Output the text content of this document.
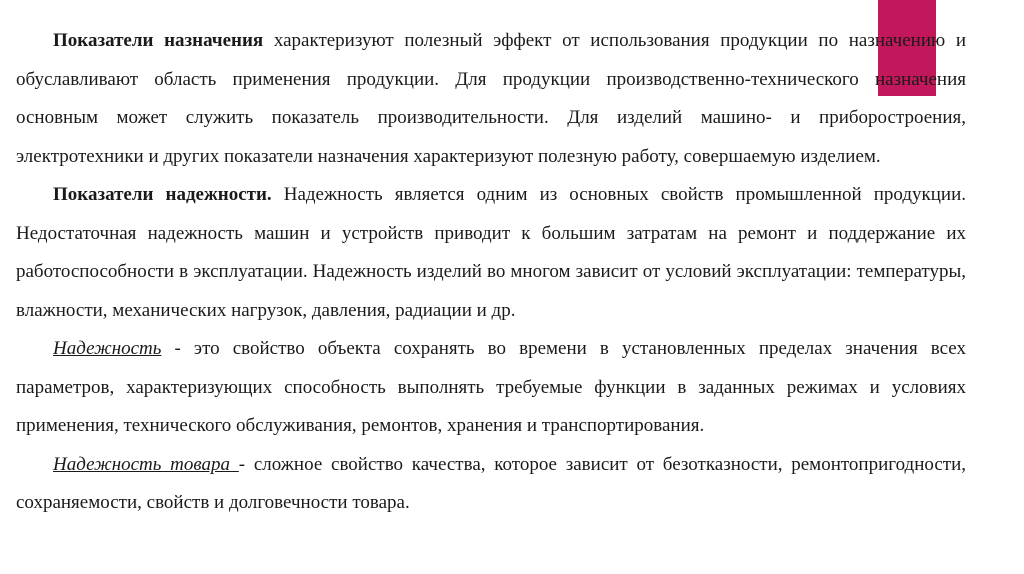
Показатели назначения характеризуют полезный эффект от использования продукции по назначению и обуславливают область применения продукции. Для продукции производственно-технического назначения основным может служить показатель производительности. Для изделий машино- и приборостроения, электротехники и других показатели назначения характеризуют полезную работу, совершаемую изделием.

Показатели надежности. Надежность является одним из основных свойств промышленной продукции. Недостаточная надежность машин и устройств приводит к большим затратам на ремонт и поддержание их работоспособности в эксплуатации. Надежность изделий во многом зависит от условий эксплуатации: температуры, влажности, механических нагрузок, давления, радиации и др.

Надежность - это свойство объекта сохранять во времени в установленных пределах значения всех параметров, характеризующих способность выполнять требуемые функции в заданных режимах и условиях применения, технического обслуживания, ремонтов, хранения и транспортирования.

Надежность товара - сложное свойство качества, которое зависит от безотказности, ремонтопригодности, сохраняемости, свойств и долговечности товара.
